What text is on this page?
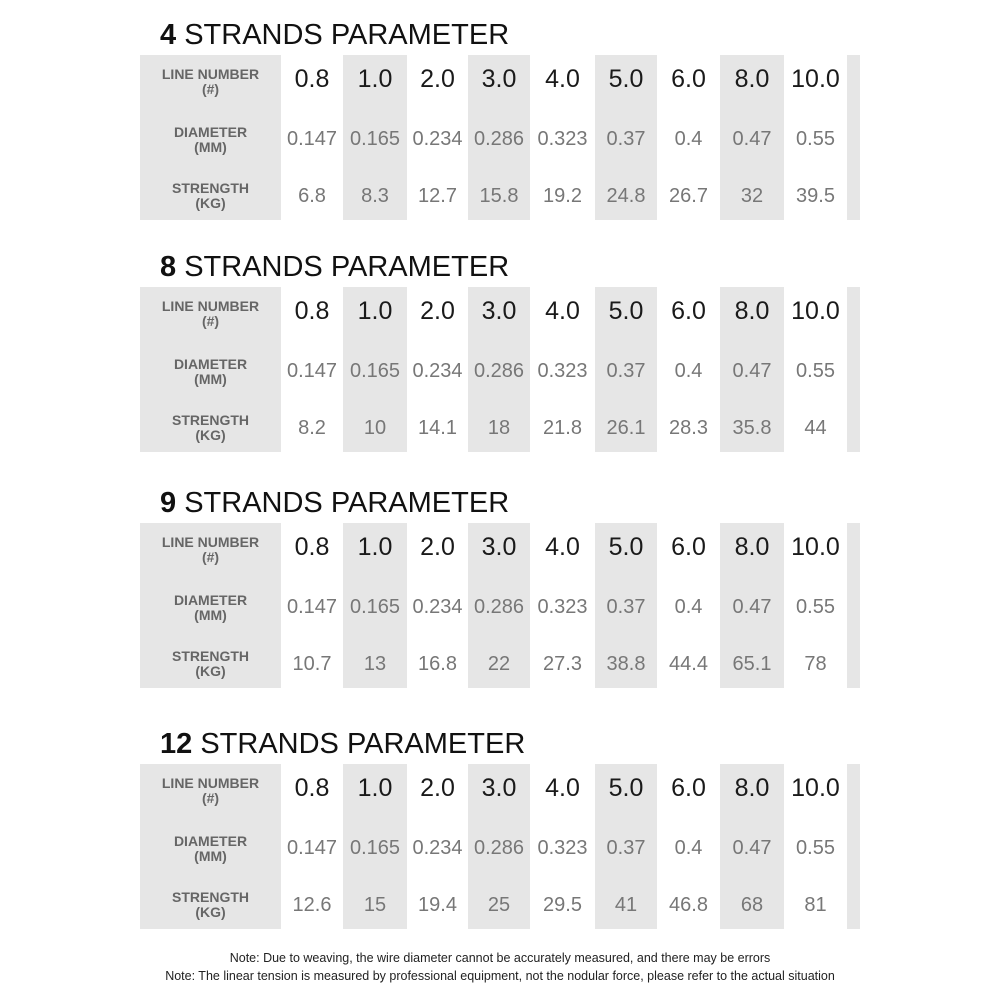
Note: Due to weaving, the wire diameter cannot be accurately measured, and there may be errors
Note: The linear tension is measured by professional equipment, not the nodular force, please refer to the actual situation
4 STRANDS PARAMETER
LINE NUMBER
(#)
DIAMETER
(MM)
STRENGTH
(KG)
0.8
0.147
6.8
1.0
0.165
8.3
2.0
0.234
12.7
3.0
0.286
15.8
4.0
0.323
19.2
5.0
0.37
24.8
6.0
0.4
26.7
8.0
0.47
32
10.0
0.55
39.5
8 STRANDS PARAMETER
LINE NUMBER
(#)
DIAMETER
(MM)
STRENGTH
(KG)
0.8
0.147
8.2
1.0
0.165
10
2.0
0.234
14.1
3.0
0.286
18
4.0
0.323
21.8
5.0
0.37
26.1
6.0
0.4
28.3
8.0
0.47
35.8
10.0
0.55
44
9 STRANDS PARAMETER
LINE NUMBER
(#)
DIAMETER
(MM)
STRENGTH
(KG)
0.8
0.147
10.7
1.0
0.165
13
2.0
0.234
16.8
3.0
0.286
22
4.0
0.323
27.3
5.0
0.37
38.8
6.0
0.4
44.4
8.0
0.47
65.1
10.0
0.55
78
12 STRANDS PARAMETER
LINE NUMBER
(#)
DIAMETER
(MM)
STRENGTH
(KG)
0.8
0.147
12.6
1.0
0.165
15
2.0
0.234
19.4
3.0
0.286
25
4.0
0.323
29.5
5.0
0.37
41
6.0
0.4
46.8
8.0
0.47
68
10.0
0.55
81
